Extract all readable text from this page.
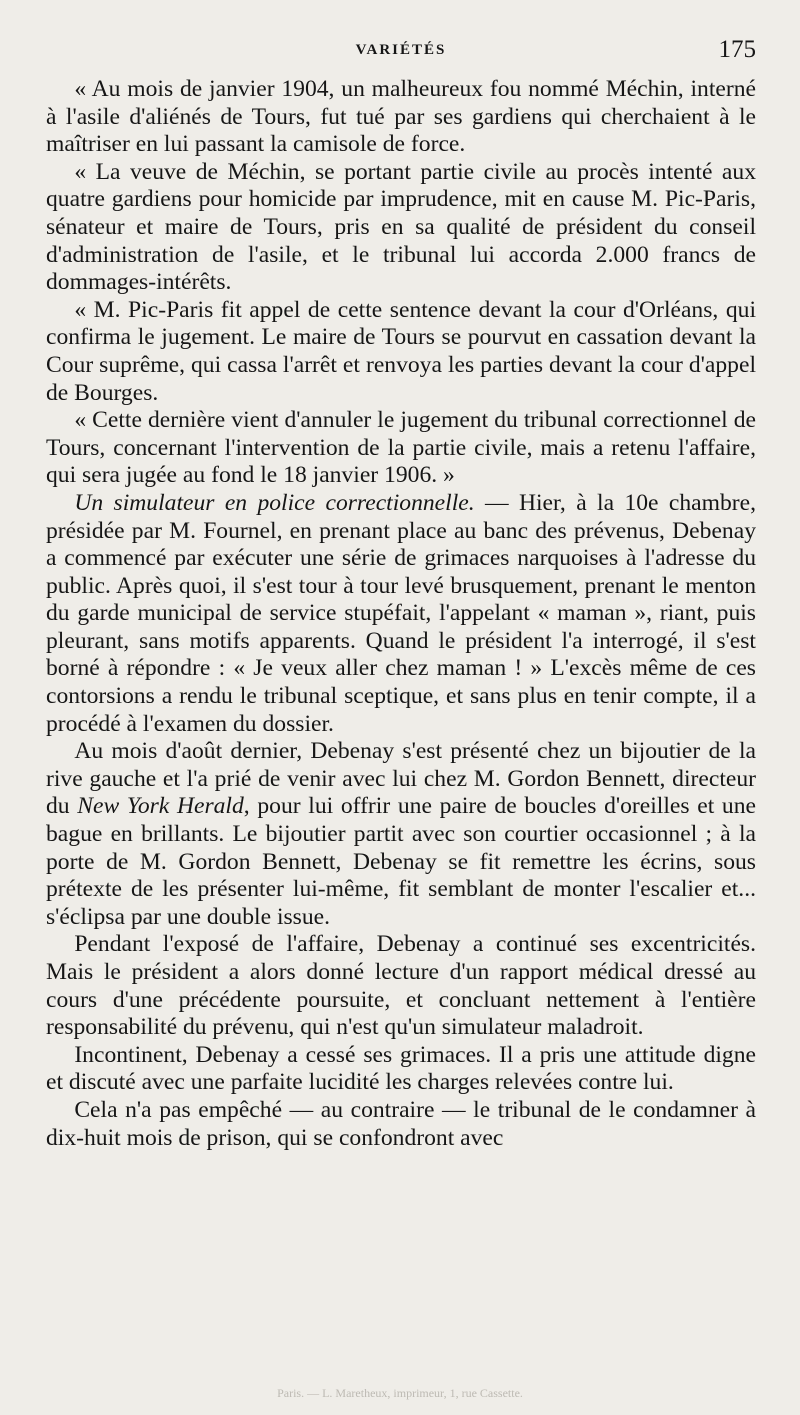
VARIÉTÉS	175

« Au mois de janvier 1904, un malheureux fou nommé Méchin, interné à l'asile d'aliénés de Tours, fut tué par ses gardiens qui cherchaient à le maîtriser en lui passant la camisole de force.

« La veuve de Méchin, se portant partie civile au procès intenté aux quatre gardiens pour homicide par imprudence, mit en cause M. Pic-Paris, sénateur et maire de Tours, pris en sa qualité de président du conseil d'administration de l'asile, et le tribunal lui accorda 2.000 francs de dommages-intérêts.

« M. Pic-Paris fit appel de cette sentence devant la cour d'Orléans, qui confirma le jugement. Le maire de Tours se pourvut en cassation devant la Cour suprême, qui cassa l'arrêt et renvoya les parties devant la cour d'appel de Bourges.

« Cette dernière vient d'annuler le jugement du tribunal correctionnel de Tours, concernant l'intervention de la partie civile, mais a retenu l'affaire, qui sera jugée au fond le 18 janvier 1906. »

Un simulateur en police correctionnelle. — Hier, à la 10e chambre, présidée par M. Fournel, en prenant place au banc des prévenus, Debenay a commencé par exécuter une série de grimaces narquoises à l'adresse du public. Après quoi, il s'est tour à tour levé brusquement, prenant le menton du garde municipal de service stupéfait, l'appelant « maman », riant, puis pleurant, sans motifs apparents. Quand le président l'a interrogé, il s'est borné à répondre : « Je veux aller chez maman ! » L'excès même de ces contorsions a rendu le tribunal sceptique, et sans plus en tenir compte, il a procédé à l'examen du dossier.

Au mois d'août dernier, Debenay s'est présenté chez un bijoutier de la rive gauche et l'a prié de venir avec lui chez M. Gordon Bennett, directeur du New York Herald, pour lui offrir une paire de boucles d'oreilles et une bague en brillants. Le bijoutier partit avec son courtier occasionnel ; à la porte de M. Gordon Bennett, Debenay se fit remettre les écrins, sous prétexte de les présenter lui-même, fit semblant de monter l'escalier et... s'éclipsa par une double issue.

Pendant l'exposé de l'affaire, Debenay a continué ses excentricités. Mais le président a alors donné lecture d'un rapport médical dressé au cours d'une précédente poursuite, et concluant nettement à l'entière responsabilité du prévenu, qui n'est qu'un simulateur maladroit.

Incontinent, Debenay a cessé ses grimaces. Il a pris une attitude digne et discuté avec une parfaite lucidité les charges relevées contre lui.

Cela n'a pas empêché — au contraire — le tribunal de le condamner à dix-huit mois de prison, qui se confondront avec

Paris. — L. Maretheux, imprimeur, 1, rue Cassette.
